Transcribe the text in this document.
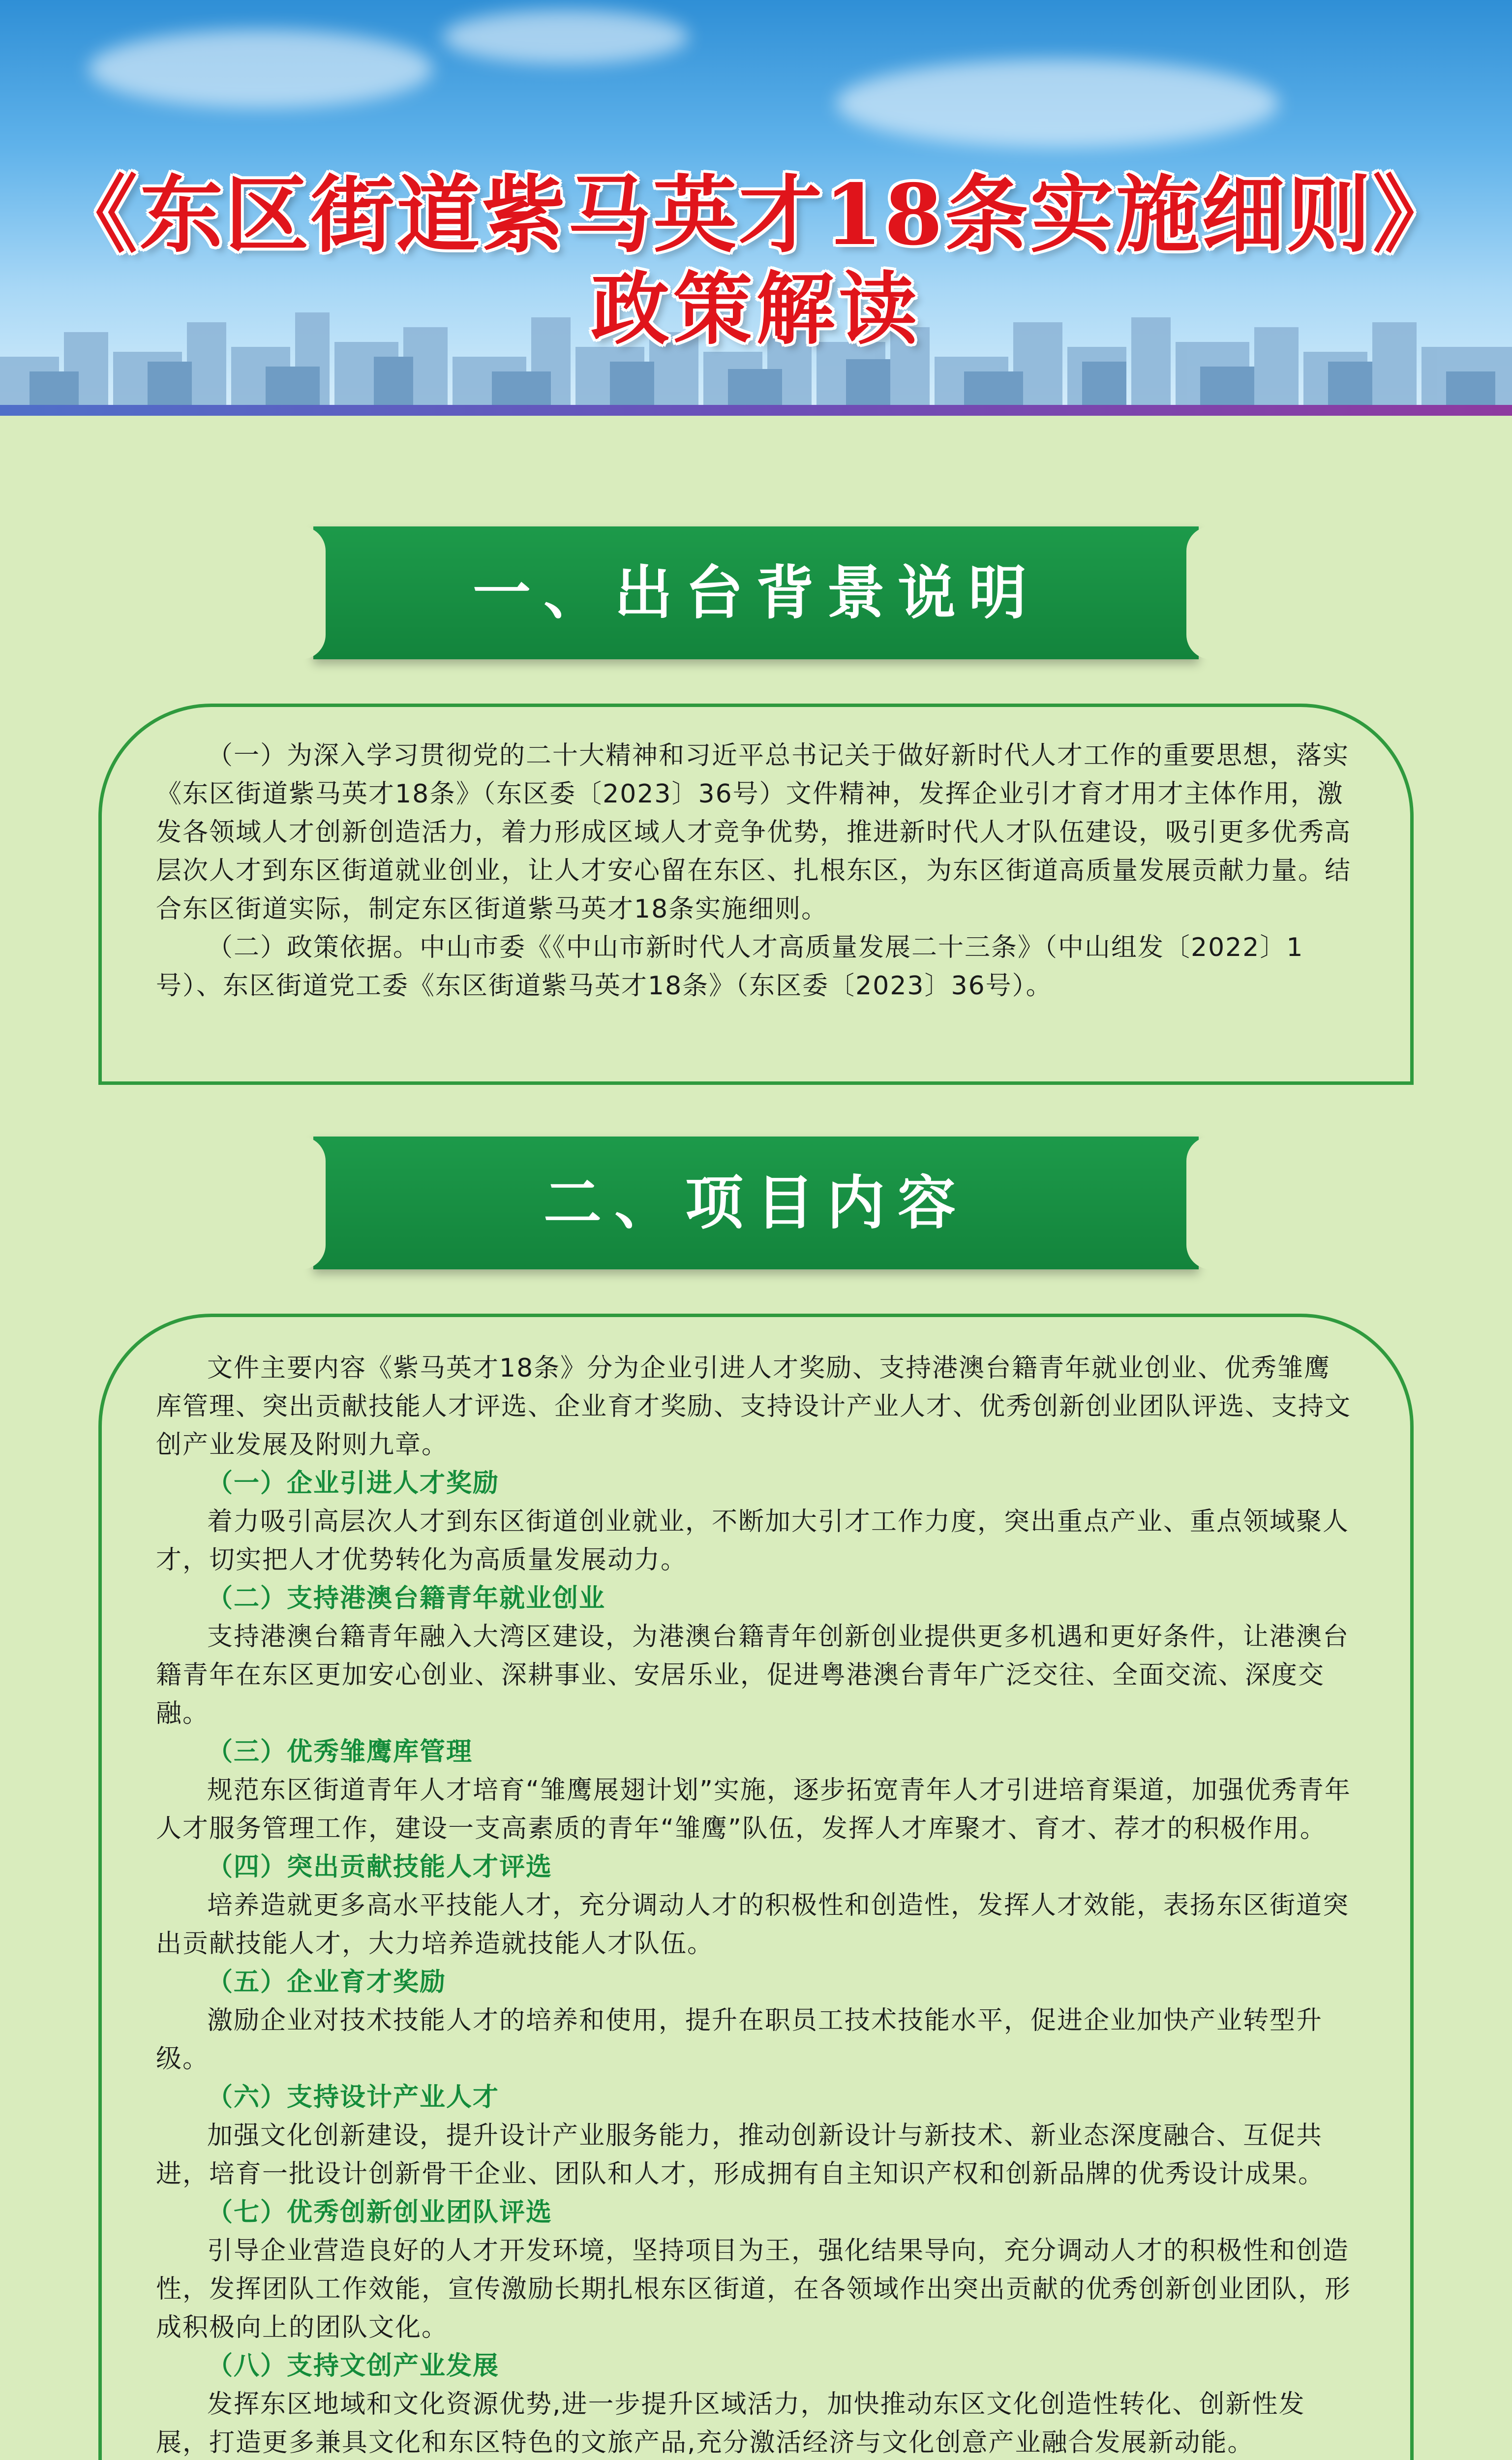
《东区街道紫马英才18条实施细则》
政策解读
一、出台背景说明

（一）为深入学习贯彻党的二十大精神和习近平总书记关于做好新时代人才工作的重要思想，落实《东区街道紫马英才18条》（东区委〔2023〕36号）文件精神，发挥企业引才育才用才主体作用，激发各领域人才创新创造活力，着力形成区域人才竞争优势，推进新时代人才队伍建设，吸引更多优秀高层次人才到东区街道就业创业，让人才安心留在东区、扎根东区，为东区街道高质量发展贡献力量。结合东区街道实际，制定东区街道紫马英才18条实施细则。

（二）政策依据。中山市委《《中山市新时代人才高质量发展二十三条》（中山组发〔2022〕1号）、东区街道党工委《东区街道紫马英才18条》（东区委〔2023〕36号）。

二、项目内容

文件主要内容《紫马英才18条》分为企业引进人才奖励、支持港澳台籍青年就业创业、优秀雏鹰库管理、突出贡献技能人才评选、企业育才奖励、支持设计产业人才、优秀创新创业团队评选、支持文创产业发展及附则九章。

（一）企业引进人才奖励

着力吸引高层次人才到东区街道创业就业，不断加大引才工作力度，突出重点产业、重点领域聚人才，切实把人才优势转化为高质量发展动力。

（二）支持港澳台籍青年就业创业

支持港澳台籍青年融入大湾区建设，为港澳台籍青年创新创业提供更多机遇和更好条件，让港澳台籍青年在东区更加安心创业、深耕事业、安居乐业，促进粤港澳台青年广泛交往、全面交流、深度交融。

（三）优秀雏鹰库管理

规范东区街道青年人才培育“雏鹰展翅计划”实施，逐步拓宽青年人才引进培育渠道，加强优秀青年人才服务管理工作，建设一支高素质的青年“雏鹰”队伍，发挥人才库聚才、育才、荐才的积极作用。

（四）突出贡献技能人才评选

培养造就更多高水平技能人才，充分调动人才的积极性和创造性，发挥人才效能，表扬东区街道突出贡献技能人才，大力培养造就技能人才队伍。

（五）企业育才奖励

激励企业对技术技能人才的培养和使用，提升在职员工技术技能水平，促进企业加快产业转型升级。

（六）支持设计产业人才

加强文化创新建设，提升设计产业服务能力，推动创新设计与新技术、新业态深度融合、互促共进，培育一批设计创新骨干企业、团队和人才，形成拥有自主知识产权和创新品牌的优秀设计成果。

（七）优秀创新创业团队评选

引导企业营造良好的人才开发环境，坚持项目为王，强化结果导向，充分调动人才的积极性和创造性，发挥团队工作效能，宣传激励长期扎根东区街道，在各领域作出突出贡献的优秀创新创业团队，形成积极向上的团队文化。

（八）支持文创产业发展

发挥东区地域和文化资源优势,进一步提升区域活力，加快推动东区文化创造性转化、创新性发展，打造更多兼具文化和东区特色的文旅产品,充分激活经济与文化创意产业融合发展新动能。
